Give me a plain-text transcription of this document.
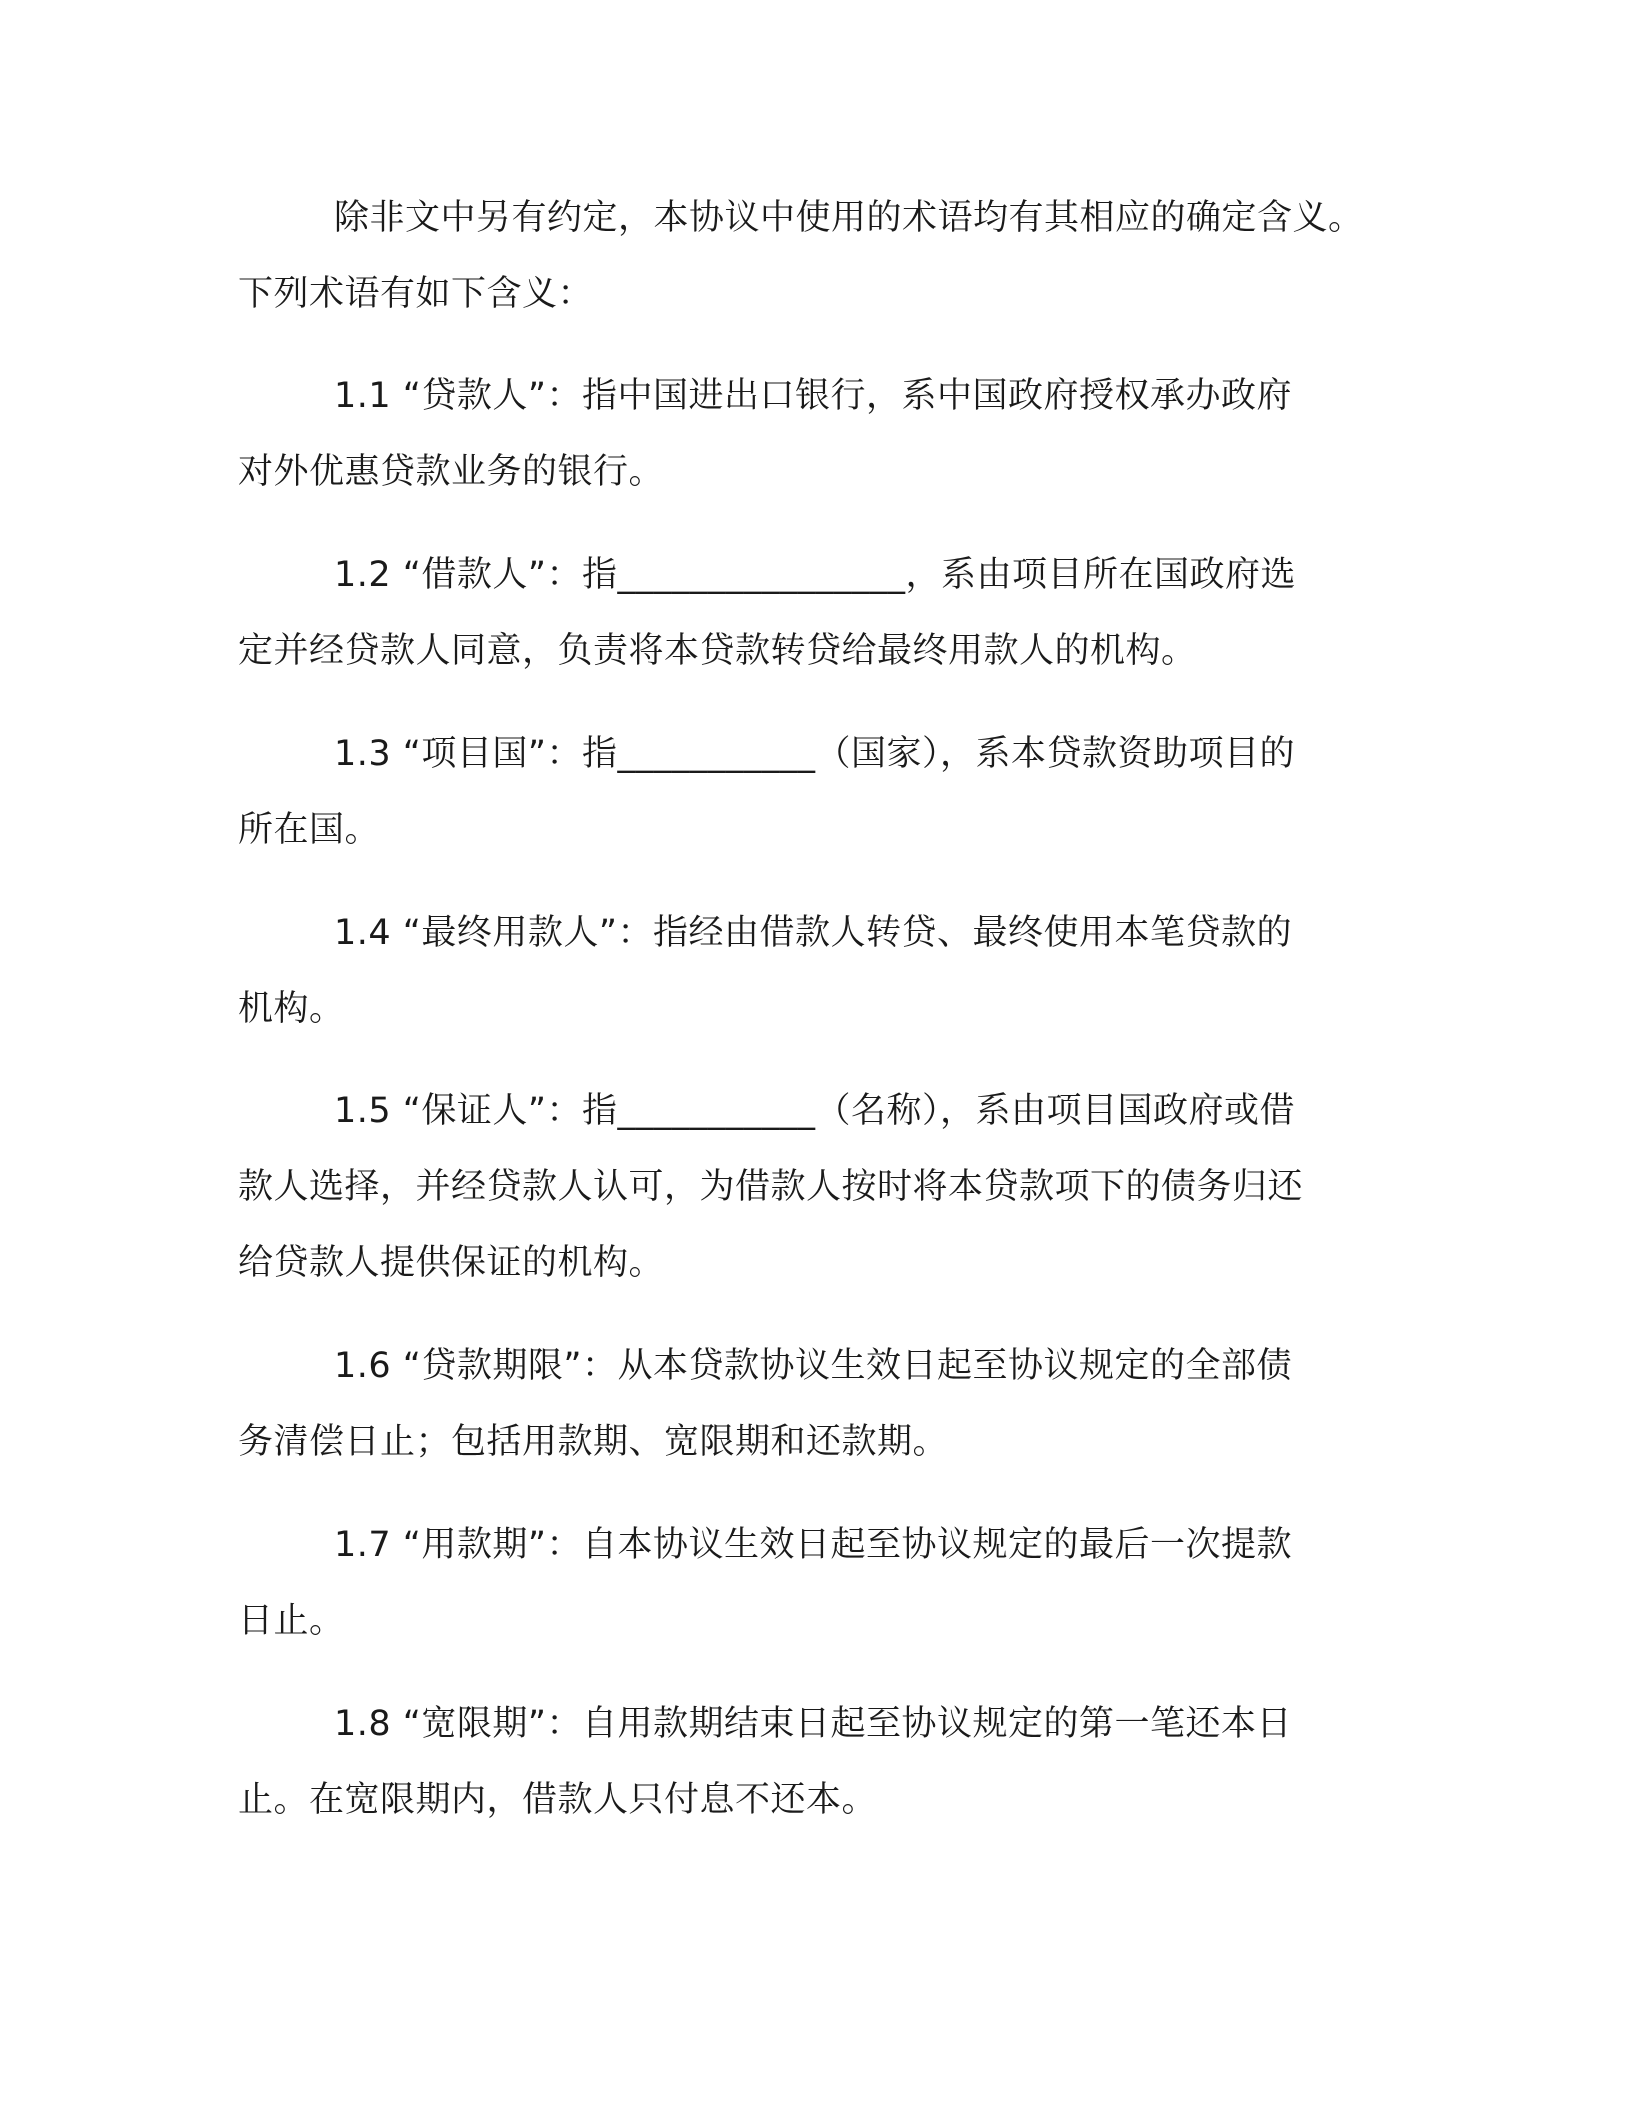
除非文中另有约定，本协议中使用的术语均有其相应的确定含义。
下列术语有如下含义：
1.1 “贷款人”：指中国进出口银行，系中国政府授权承办政府
对外优惠贷款业务的银行。
1.2 “借款人”：指________________，系由项目所在国政府选
定并经贷款人同意，负责将本贷款转贷给最终用款人的机构。
1.3 “项目国”：指___________（国家），系本贷款资助项目的
所在国。
1.4 “最终用款人”：指经由借款人转贷、最终使用本笔贷款的
机构。
1.5 “保证人”：指___________（名称），系由项目国政府或借
款人选择，并经贷款人认可，为借款人按时将本贷款项下的债务归还
给贷款人提供保证的机构。
1.6 “贷款期限”：从本贷款协议生效日起至协议规定的全部债
务清偿日止；包括用款期、宽限期和还款期。
1.7 “用款期”：自本协议生效日起至协议规定的最后一次提款
日止。
1.8 “宽限期”：自用款期结束日起至协议规定的第一笔还本日
止。在宽限期内，借款人只付息不还本。
